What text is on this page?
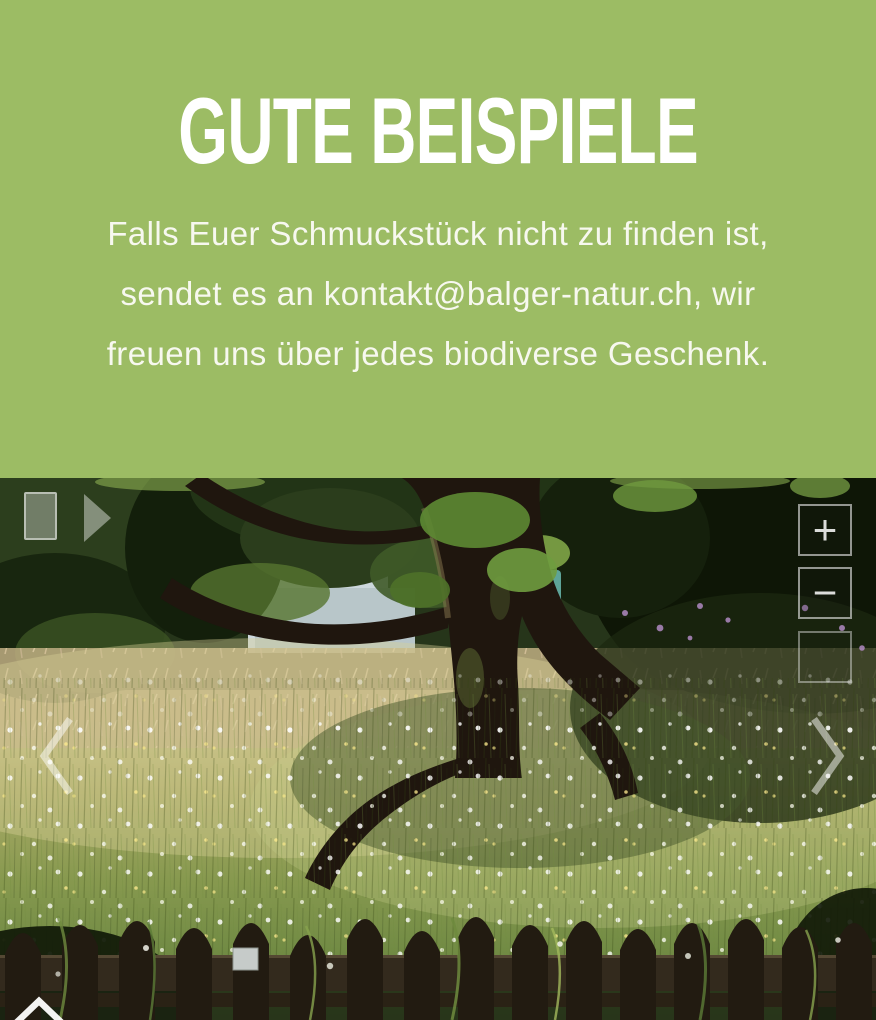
GUTE BEISPIELE

Falls Euer Schmuckstück nicht zu finden ist,
sendet es an kontakt@balger-natur.ch, wir
freuen uns über jedes biodiverse Geschenk.

+
−
